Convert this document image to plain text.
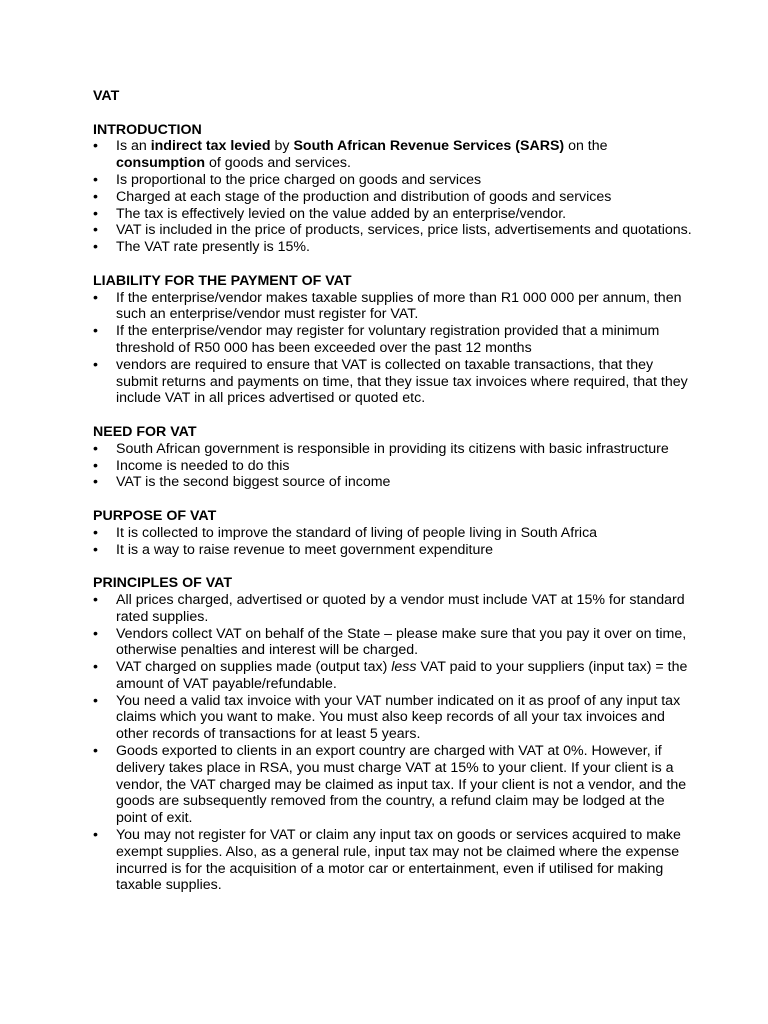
VAT

INTRODUCTION

•	Is an indirect tax levied by South African Revenue Services (SARS) on the consumption of goods and services.
•	Is proportional to the price charged on goods and services
•	Charged at each stage of the production and distribution of goods and services
•	The tax is effectively levied on the value added by an enterprise/vendor.
•	VAT is included in the price of products, services, price lists, advertisements and quotations.
•	The VAT rate presently is 15%.

LIABILITY FOR THE PAYMENT OF VAT

•	If the enterprise/vendor makes taxable supplies of more than R1 000 000 per annum, then such an enterprise/vendor must register for VAT.
•	If the enterprise/vendor may register for voluntary registration provided that a minimum threshold of R50 000 has been exceeded over the past 12 months
•	vendors are required to ensure that VAT is collected on taxable transactions, that they submit returns and payments on time, that they issue tax invoices where required, that they include VAT in all prices advertised or quoted etc.

NEED FOR VAT

•	South African government is responsible in providing its citizens with basic infrastructure
•	Income is needed to do this
•	VAT is the second biggest source of income

PURPOSE OF VAT

•	It is collected to improve the standard of living of people living in South Africa
•	It is a way to raise revenue to meet government expenditure

PRINCIPLES OF VAT

•	All prices charged, advertised or quoted by a vendor must include VAT at 15% for standard rated supplies.
•	Vendors collect VAT on behalf of the State – please make sure that you pay it over on time, otherwise penalties and interest will be charged.
•	VAT charged on supplies made (output tax) less VAT paid to your suppliers (input tax) = the amount of VAT payable/refundable.
•	You need a valid tax invoice with your VAT number indicated on it as proof of any input tax claims which you want to make. You must also keep records of all your tax invoices and other records of transactions for at least 5 years.
•	Goods exported to clients in an export country are charged with VAT at 0%. However, if delivery takes place in RSA, you must charge VAT at 15% to your client. If your client is a vendor, the VAT charged may be claimed as input tax. If your client is not a vendor, and the goods are subsequently removed from the country, a refund claim may be lodged at the point of exit.
•	You may not register for VAT or claim any input tax on goods or services acquired to make exempt supplies. Also, as a general rule, input tax may not be claimed where the expense incurred is for the acquisition of a motor car or entertainment, even if utilised for making taxable supplies.
